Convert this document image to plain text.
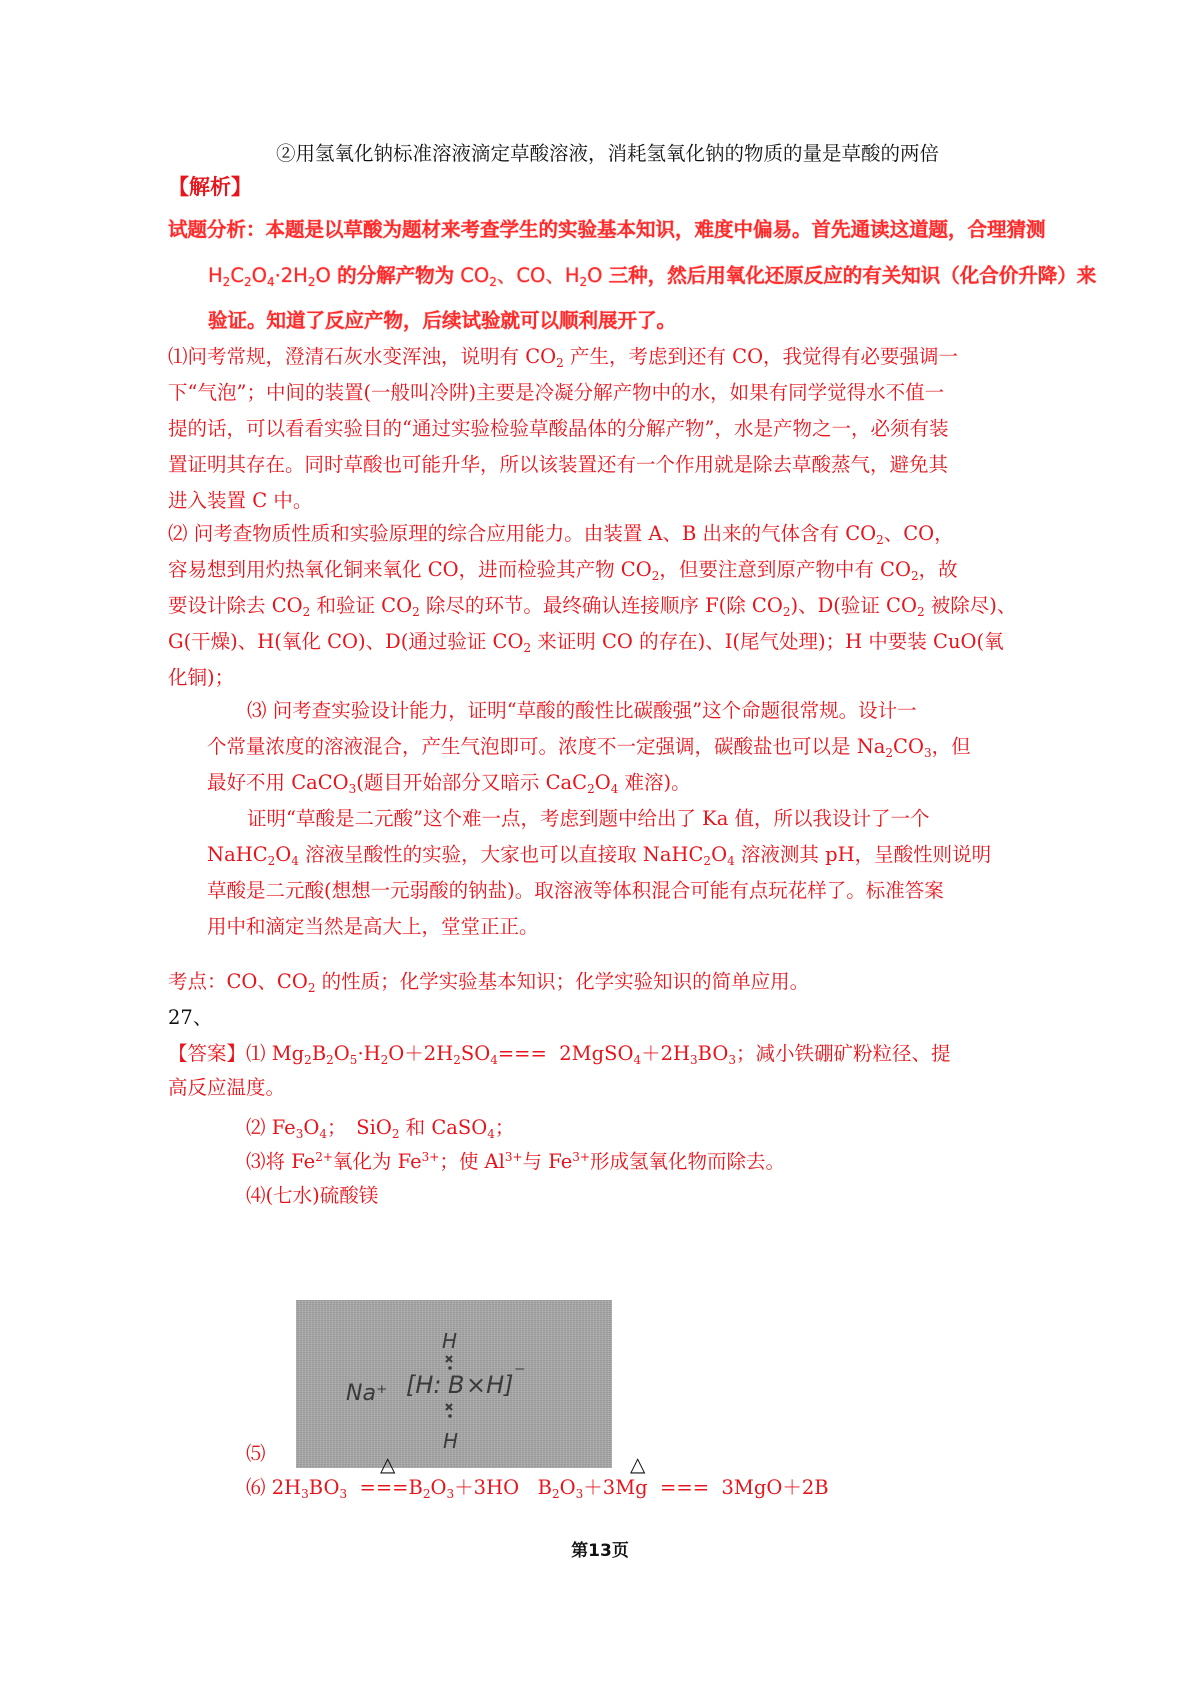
②用氢氧化钠标准溶液滴定草酸溶液，消耗氢氧化钠的物质的量是草酸的两倍
【解析】
试题分析：本题是以草酸为题材来考查学生的实验基本知识，难度中偏易。首先通读这道题，合理猜测
$H_2C_2O_4\cdot 2H_2O$ 的分解产物为 $CO_2$、CO、$H_2O$ 三种，然后用氧化还原反应的有关知识（化合价升降）来
验证。知道了反应产物，后续试验就可以顺利展开了。
⑴问考常规，澄清石灰水变浑浊，说明有 $CO_2$ 产生，考虑到还有 CO，我觉得有必要强调一
下“气泡”；中间的装置(一般叫冷阱)主要是冷凝分解产物中的水，如果有同学觉得水不值一
提的话，可以看看实验目的“通过实验检验草酸晶体的分解产物”，水是产物之一，必须有装
置证明其存在。同时草酸也可能升华，所以该装置还有一个作用就是除去草酸蒸气，避免其
进入装置 C 中。
⑵ 问考查物质性质和实验原理的综合应用能力。由装置 A、B 出来的气体含有 $CO_2$、CO，
容易想到用灼热氧化铜来氧化 CO，进而检验其产物 $CO_2$，但要注意到原产物中有 $CO_2$，故
要设计除去 $CO_2$ 和验证 $CO_2$ 除尽的环节。最终确认连接顺序 F(除 $CO_2$)、D(验证 $CO_2$ 被除尽)、
G(干燥)、H(氧化 CO)、D(通过验证 $CO_2$ 来证明 CO 的存在)、I(尾气处理)；H 中要装 CuO(氧
化铜)；
⑶ 问考查实验设计能力，证明“草酸的酸性比碳酸强”这个命题很常规。设计一
个常量浓度的溶液混合，产生气泡即可。浓度不一定强调，碳酸盐也可以是 $Na_2CO_3$，但
最好不用 CaCO$_3$(题目开始部分又暗示 $CaC_2O_4$ 难溶)。
证明“草酸是二元酸”这个难一点，考虑到题中给出了 Ka 值，所以我设计了一个
$NaHC_2O_4$ 溶液呈酸性的实验，大家也可以直接取 $NaHC_2O_4$ 溶液测其 pH，呈酸性则说明
草酸是二元酸(想想一元弱酸的钠盐)。取溶液等体积混合可能有点玩花样了。标准答案
用中和滴定当然是高大上，堂堂正正。
考点：CO、$CO_2$ 的性质；化学实验基本知识；化学实验知识的简单应用。
27、
【答案】⑴ $Mg_2B_2O_5\cdot H_2O+2H_2SO_4===$  $2MgSO_4+2H_3BO_3$；减小铁硼矿粉粒径、提
高反应温度。
⑵ $Fe_3O_4$；　SiO$_2$ 和 CaSO$_4$；
⑶将 $Fe^{2+}$氧化为 $Fe^{3+}$；使 $Al^{3+}$与 $Fe^{3+}$形成氢氧化物而除去。
⑷(七水)硫酸镁
Na⁺
H
[H: B ×H] ⁻
H
⑸	△	△
⑹ $2H_3BO_3 ===B_2O_3+3HO$   $B_2O_3+3Mg$  === 3MgO＋2B
第13页
